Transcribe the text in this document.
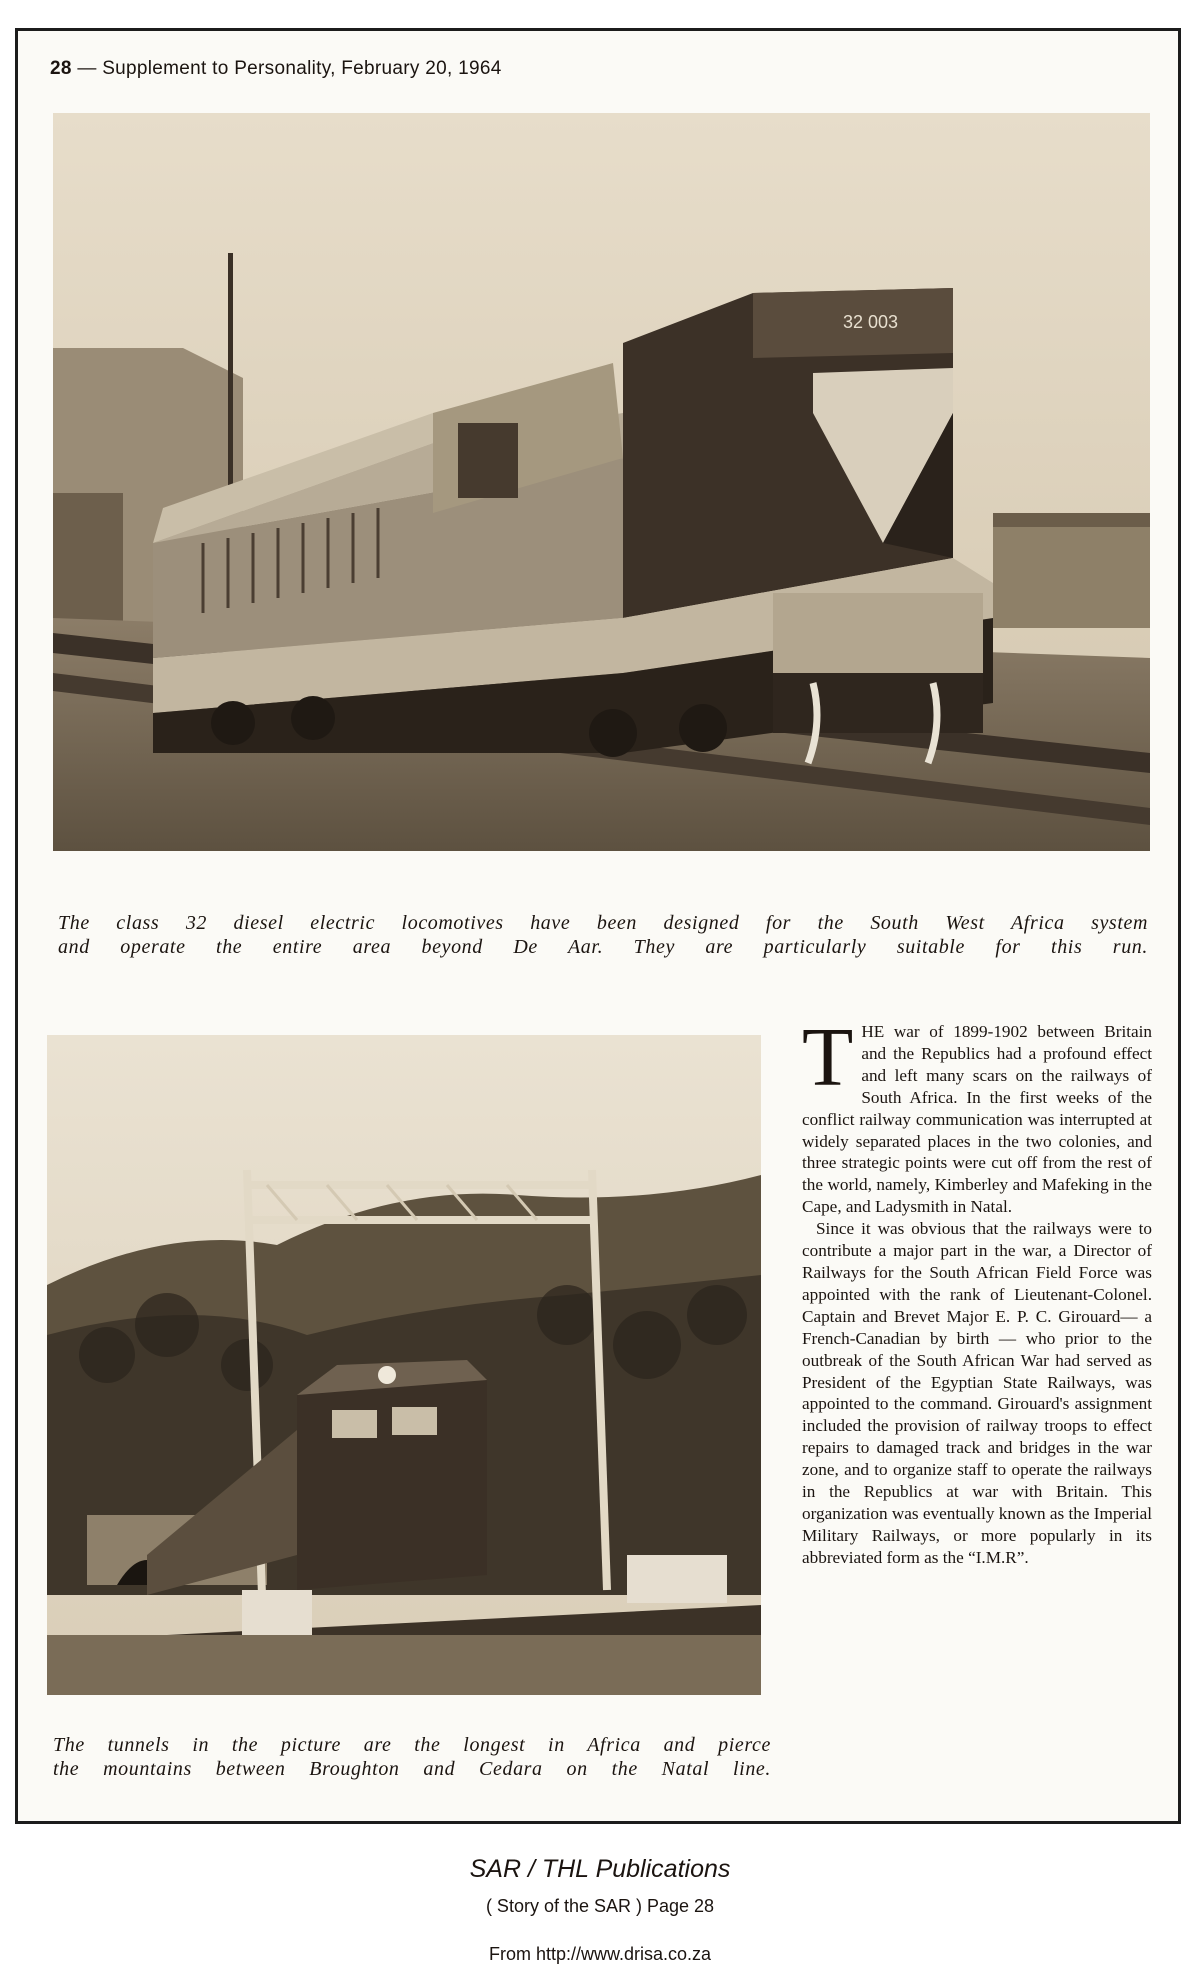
28 — Supplement to Personality, February 20, 1964
32 003
The class 32 diesel electric locomotives have been designed for the South West Africa system
and operate the entire area beyond De Aar. They are particularly suitable for this run.
The tunnels in the picture are the longest in Africa and pierce
the mountains between Broughton and Cedara on the Natal line.
T HE war of 1899-1902 between Britain and the Republics had a profound effect and left many scars on the railways of South Africa. In the first weeks of the conflict railway communication was interrupted at widely separated places in the two colonies, and three strategic points were cut off from the rest of the world, namely, Kimberley and Mafeking in the Cape, and Ladysmith in Natal.

Since it was obvious that the railways were to contribute a major part in the war, a Director of Railways for the South African Field Force was appointed with the rank of Lieutenant-Colonel. Captain and Brevet Major E. P. C. Girouard— a French-Canadian by birth — who prior to the outbreak of the South African War had served as President of the Egyptian State Railways, was appointed to the command. Girouard's assignment included the provision of railway troops to effect repairs to damaged track and bridges in the war zone, and to organize staff to operate the railways in the Republics at war with Britain. This organization was eventually known as the Imperial Military Railways, or more popularly in its abbreviated form as the “I.M.R”.

SAR / THL Publications
( Story of the SAR ) Page 28
From http://www.drisa.co.za
